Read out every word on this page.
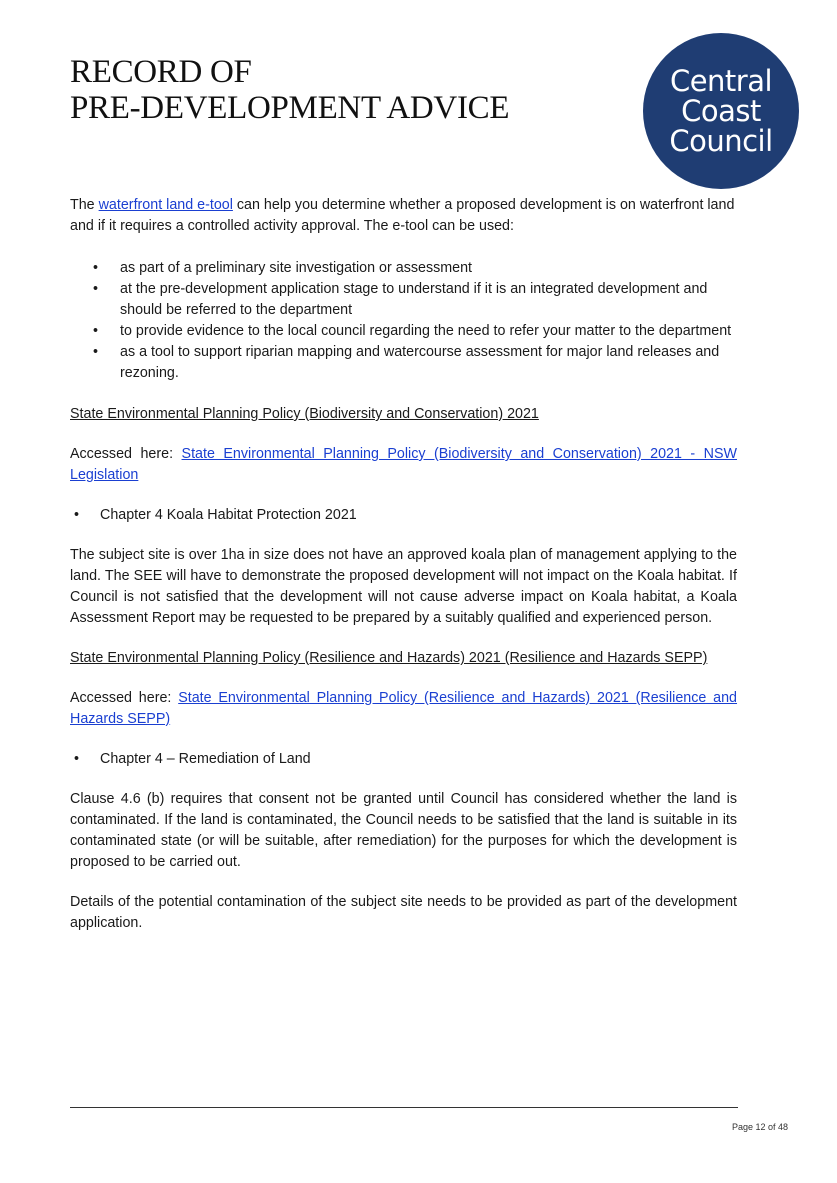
RECORD OF
PRE-DEVELOPMENT ADVICE
Central
Coast
Council

The waterfront land e-tool can help you determine whether a proposed development is on waterfront land and if it requires a controlled activity approval. The e-tool can be used:

• as part of a preliminary site investigation or assessment
• at the pre-development application stage to understand if it is an integrated development and should be referred to the department
• to provide evidence to the local council regarding the need to refer your matter to the department
• as a tool to support riparian mapping and watercourse assessment for major land releases and rezoning.

State Environmental Planning Policy (Biodiversity and Conservation) 2021

Accessed here: State Environmental Planning Policy (Biodiversity and Conservation) 2021 - NSW Legislation

• Chapter 4 Koala Habitat Protection 2021

The subject site is over 1ha in size does not have an approved koala plan of management applying to the land. The SEE will have to demonstrate the proposed development will not impact on the Koala habitat. If Council is not satisfied that the development will not cause adverse impact on Koala habitat, a Koala Assessment Report may be requested to be prepared by a suitably qualified and experienced person.

State Environmental Planning Policy (Resilience and Hazards) 2021 (Resilience and Hazards SEPP)

Accessed here: State Environmental Planning Policy (Resilience and Hazards) 2021 (Resilience and Hazards SEPP)

• Chapter 4 – Remediation of Land

Clause 4.6 (b) requires that consent not be granted until Council has considered whether the land is contaminated. If the land is contaminated, the Council needs to be satisfied that the land is suitable in its contaminated state (or will be suitable, after remediation) for the purposes for which the development is proposed to be carried out.

Details of the potential contamination of the subject site needs to be provided as part of the development application.

Page 12 of 48
